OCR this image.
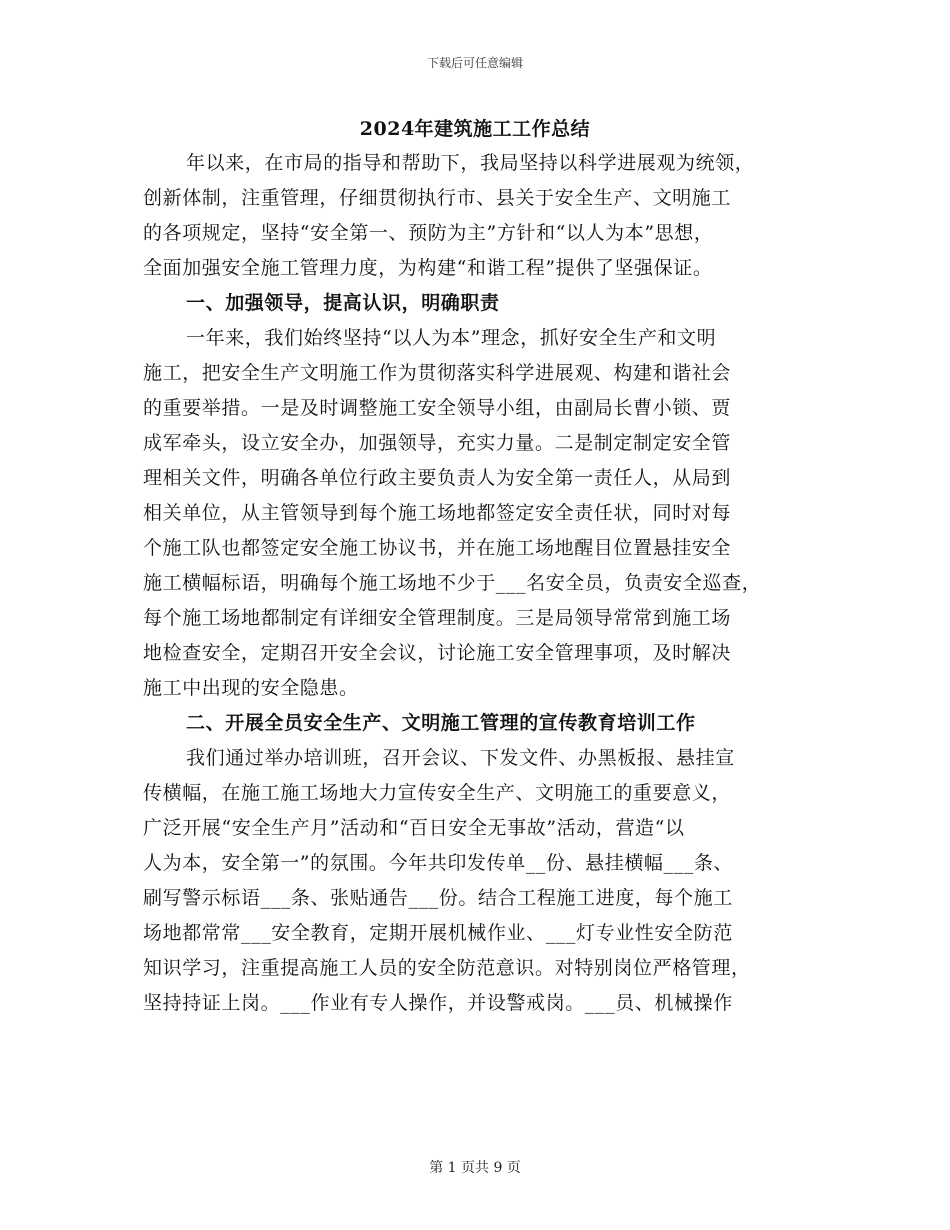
下载后可任意编辑
2024年建筑施工工作总结
年以来，在市局的指导和帮助下，我局坚持以科学进展观为统领，
创新体制，注重管理，仔细贯彻执行市、县关于安全生产、文明施工
的各项规定，坚持“安全第一、预防为主”方针和“以人为本”思想，
全面加强安全施工管理力度，为构建“和谐工程”提供了坚强保证。
一、加强领导，提高认识，明确职责
一年来，我们始终坚持“以人为本”理念，抓好安全生产和文明
施工，把安全生产文明施工作为贯彻落实科学进展观、构建和谐社会
的重要举措。一是及时调整施工安全领导小组，由副局长曹小锁、贾
成军牵头，设立安全办，加强领导，充实力量。二是制定制定安全管
理相关文件，明确各单位行政主要负责人为安全第一责任人，从局到
相关单位，从主管领导到每个施工场地都签定安全责任状，同时对每
个施工队也都签定安全施工协议书，并在施工场地醒目位置悬挂安全
施工横幅标语，明确每个施工场地不少于___名安全员，负责安全巡查，
每个施工场地都制定有详细安全管理制度。三是局领导常常到施工场
地检查安全，定期召开安全会议，讨论施工安全管理事项，及时解决
施工中出现的安全隐患。
二、开展全员安全生产、文明施工管理的宣传教育培训工作
我们通过举办培训班，召开会议、下发文件、办黑板报、悬挂宣
传横幅，在施工施工场地大力宣传安全生产、文明施工的重要意义，
广泛开展“安全生产月”活动和“百日安全无事故”活动，营造“以
人为本，安全第一”的氛围。今年共印发传单__份、悬挂横幅___条、
刷写警示标语___条、张贴通告___份。结合工程施工进度，每个施工
场地都常常___安全教育，定期开展机械作业、___灯专业性安全防范
知识学习，注重提高施工人员的安全防范意识。对特别岗位严格管理，
坚持持证上岗。___作业有专人操作，并设警戒岗。___员、机械操作
第 1 页共 9 页
